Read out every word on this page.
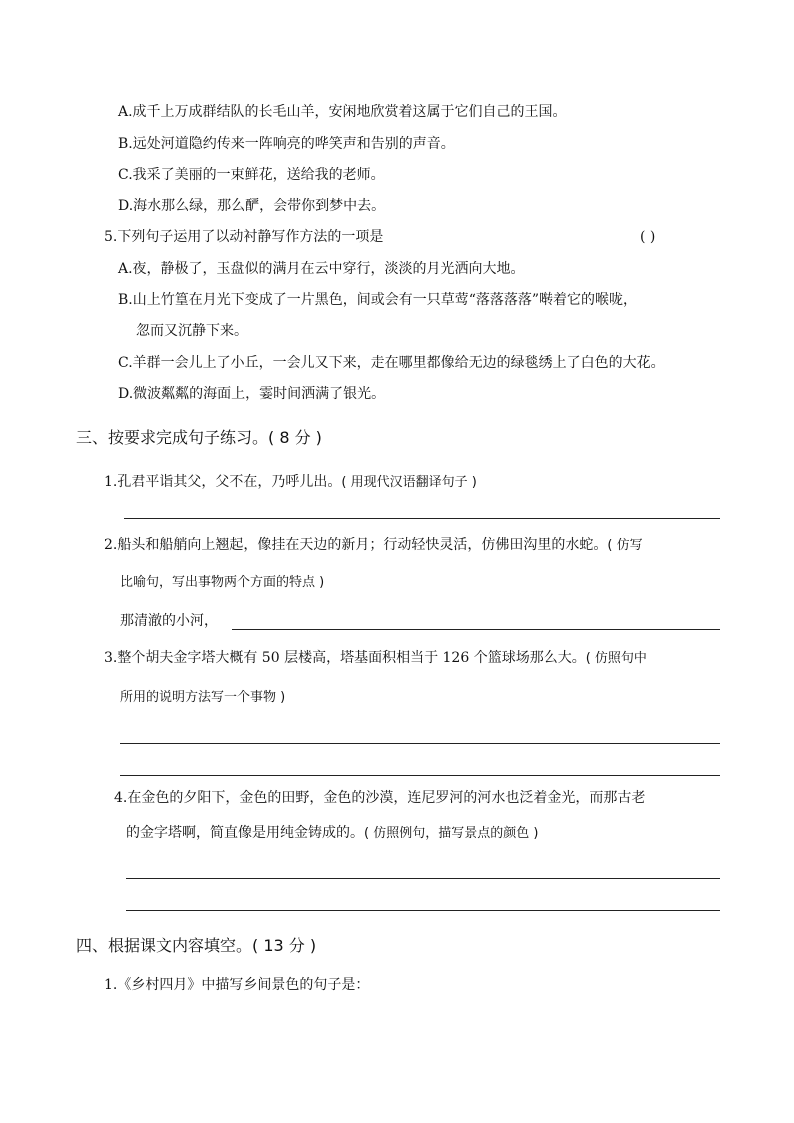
A.成千上万成群结队的长毛山羊，安闲地欣赏着这属于它们自己的王国。
B.远处河道隐约传来一阵响亮的哗笑声和告别的声音。
C.我采了美丽的一束鲜花，送给我的老师。
D.海水那么绿，那么酽，会带你到梦中去。
5.下列句子运用了以动衬静写作方法的一项是	( )
A.夜，静极了，玉盘似的满月在云中穿行，淡淡的月光洒向大地。
B.山上竹篁在月光下变成了一片黑色，间或会有一只草莺“落落落落”啭着它的喉咙，
忽而又沉静下来。
C.羊群一会儿上了小丘，一会儿又下来，走在哪里都像给无边的绿毯绣上了白色的大花。
D.微波粼粼的海面上，霎时间洒满了银光。
三、按要求完成句子练习。( 8 分 )
1.孔君平诣其父，父不在，乃呼儿出。( 用现代汉语翻译句子 )
2.船头和船艄向上翘起，像挂在天边的新月；行动轻快灵活，仿佛田沟里的水蛇。( 仿写
比喻句，写出事物两个方面的特点 )
那清澈的小河，
3.整个胡夫金字塔大概有 50 层楼高，塔基面积相当于 126 个篮球场那么大。( 仿照句中
所用的说明方法写一个事物 )
4.在金色的夕阳下，金色的田野，金色的沙漠，连尼罗河的河水也泛着金光，而那古老
的金字塔啊，简直像是用纯金铸成的。( 仿照例句，描写景点的颜色 )
四、根据课文内容填空。( 13 分 )
1.《乡村四月》中描写乡间景色的句子是：
